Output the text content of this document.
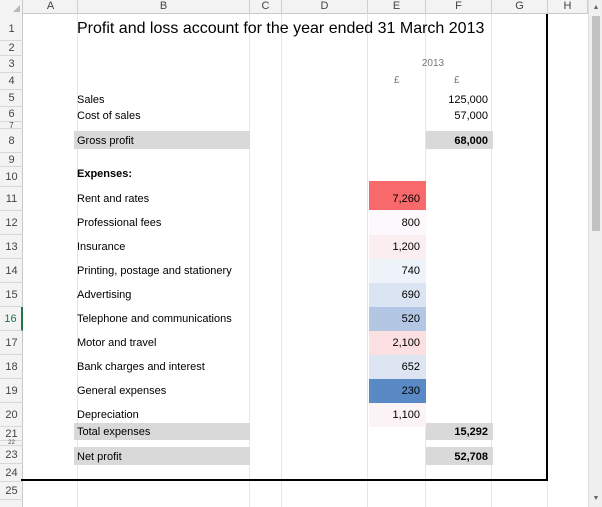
A	B	C	D	E	F	G	H
1
2
3
4
5
6
7
8
9
10
11
12
13
14
15
16
17
18
19
20
21
22
23
24
25
Profit and loss account for the year ended 31 March 2013
2013
£	£
Sales	125,000
Cost of sales	57,000
Gross profit	68,000
Expenses:
Rent and rates	7,260
Professional fees	800
Insurance	1,200
Printing, postage and stationery	740
Advertising	690
Telephone and communications	520
Motor and travel	2,100
Bank charges and interest	652
General expenses	230
Depreciation	1,100
Total expenses	15,292
Net profit	52,708
▲
▼
